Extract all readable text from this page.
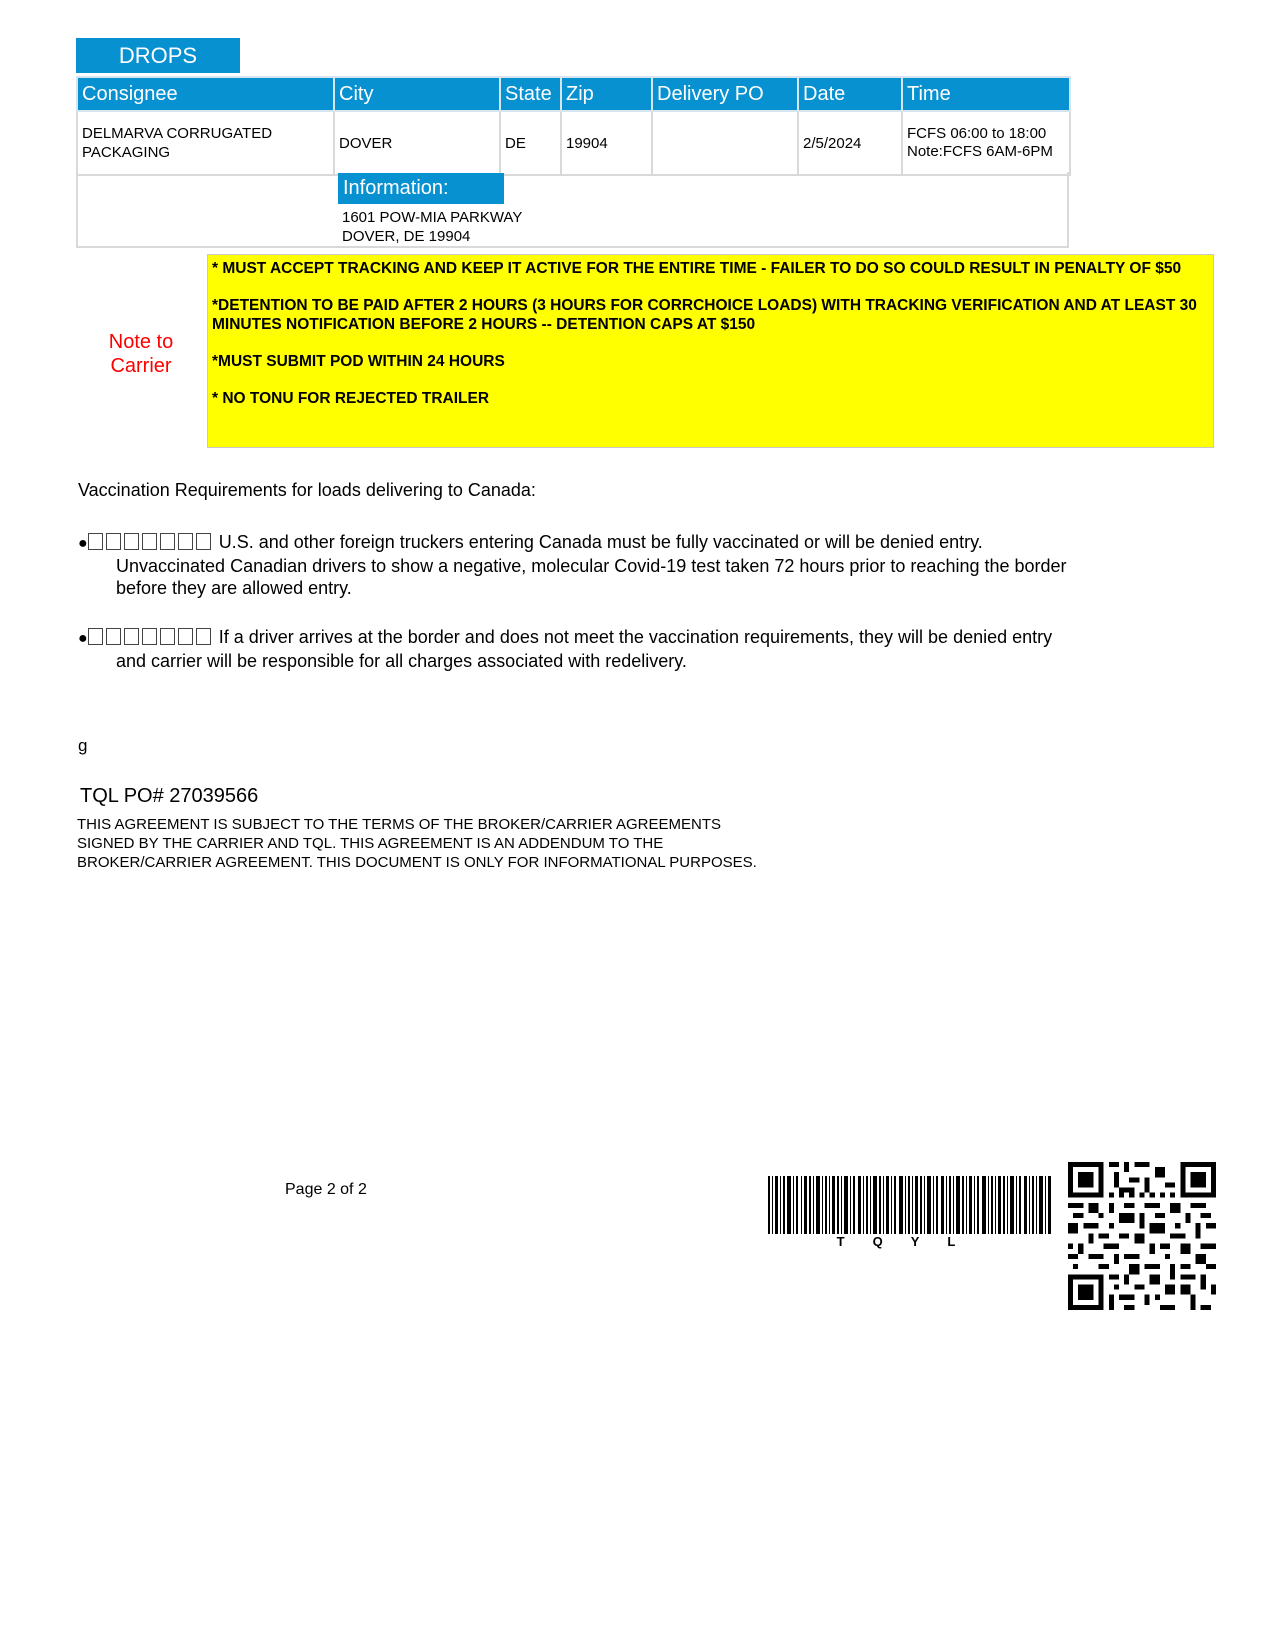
DROPS
Consignee	City	State	Zip	Delivery PO	Date	Time
DELMARVA CORRUGATED PACKAGING	DOVER	DE	19904		2/5/2024	FCFS 06:00 to 18:00 Note:FCFS 6AM-6PM
Information:
1601 POW-MIA PARKWAY
DOVER, DE 19904
Note to
Carrier

* MUST ACCEPT TRACKING AND KEEP IT ACTIVE FOR THE ENTIRE TIME - FAILER TO DO SO COULD RESULT IN PENALTY OF $50

*DETENTION TO BE PAID AFTER 2 HOURS (3 HOURS FOR CORRCHOICE LOADS) WITH TRACKING VERIFICATION AND AT LEAST 30 MINUTES NOTIFICATION BEFORE 2 HOURS -- DETENTION CAPS AT $150

*MUST SUBMIT POD WITHIN 24 HOURS

* NO TONU FOR REJECTED TRAILER

Vaccination Requirements for loads delivering to Canada:
●	U.S. and other foreign truckers entering Canada must be fully vaccinated or will be denied entry.
Unvaccinated Canadian drivers to show a negative, molecular Covid-19 test taken 72 hours prior to reaching the border before they are allowed entry.
●	If a driver arrives at the border and does not meet the vaccination requirements, they will be denied entry
and carrier will be responsible for all charges associated with redelivery.
g
TQL PO# 27039566
THIS AGREEMENT IS SUBJECT TO THE TERMS OF THE BROKER/CARRIER AGREEMENTS SIGNED BY THE CARRIER AND TQL. THIS AGREEMENT IS AN ADDENDUM TO THE BROKER/CARRIER AGREEMENT. THIS DOCUMENT IS ONLY FOR INFORMATIONAL PURPOSES.
Page 2 of 2
TQYL
